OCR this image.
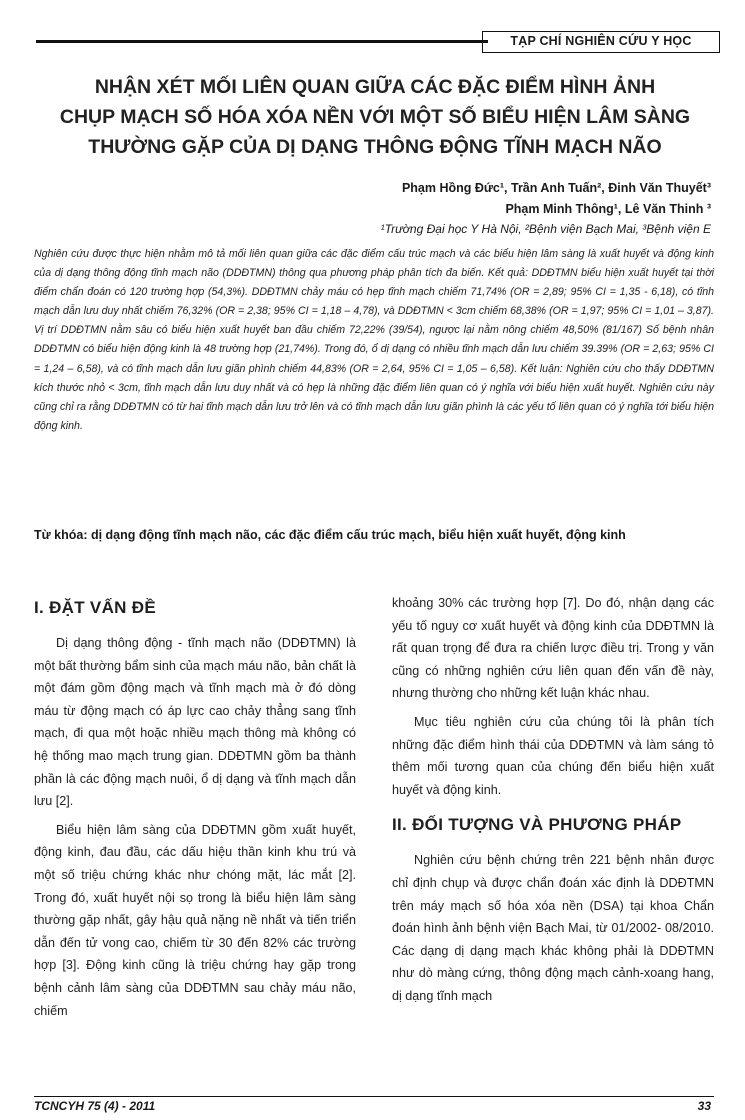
TẠP CHÍ NGHIÊN CỨU Y HỌC
NHẬN XÉT MỐI LIÊN QUAN GIỮA CÁC ĐẶC ĐIỂM HÌNH ẢNH
CHỤP MẠCH SỐ HÓA XÓA NỀN VỚI MỘT SỐ BIỂU HIỆN LÂM SÀNG
THƯỜNG GẶP CỦA DỊ DẠNG THÔNG ĐỘNG TĨNH MẠCH NÃO
Phạm Hồng Đức¹, Trần Anh Tuấn², Đinh Văn Thuyết³
Phạm Minh Thông¹, Lê Văn Thinh ³
¹Trường Đại học Y Hà Nội, ²Bệnh viện Bạch Mai, ³Bệnh viện E
Nghiên cứu được thực hiện nhằm mô tả mối liên quan giữa các đặc điểm cấu trúc mạch và các biểu hiện lâm sàng là xuất huyết và động kinh của dị dạng thông động tĩnh mạch não (DDĐTMN) thông qua phương pháp phân tích đa biến. Kết quả: DDĐTMN biểu hiện xuất huyết tại thời điểm chẩn đoán có 120 trường hợp (54,3%). DDĐTMN chảy máu có hẹp tĩnh mạch chiếm 71,74% (OR = 2,89; 95% CI = 1,35 - 6,18), có tĩnh mạch dẫn lưu duy nhất chiếm 76,32% (OR = 2,38; 95% CI = 1,18 – 4,78), và DDĐTMN < 3cm chiếm 68,38% (OR = 1,97; 95% CI = 1,01 – 3,87). Vị trí DDĐTMN nằm sâu có biểu hiện xuất huyết ban đầu chiếm 72,22% (39/54), ngược lại nằm nông chiếm 48,50% (81/167) Số bệnh nhân DDĐTMN có biểu hiện động kinh là 48 trường hợp (21,74%). Trong đó, ổ dị dạng có nhiều tĩnh mạch dẫn lưu chiếm 39.39% (OR = 2,63; 95% CI = 1,24 – 6,58), và có tĩnh mạch dẫn lưu giãn phình chiếm 44,83% (OR = 2,64, 95% CI = 1,05 – 6,58). Kết luận: Nghiên cứu cho thấy DDĐTMN kích thước nhỏ < 3cm, tĩnh mạch dẫn lưu duy nhất và có hẹp là những đặc điểm liên quan có ý nghĩa với biểu hiện xuất huyết. Nghiên cứu này cũng chỉ ra rằng DDĐTMN có từ hai tĩnh mạch dẫn lưu trở lên và có tĩnh mạch dẫn lưu giãn phình là các yếu tố liên quan có ý nghĩa tới biểu hiện động kinh.
Từ khóa: dị dạng động tĩnh mạch não, các đặc điểm cấu trúc mạch, biểu hiện xuất huyết, động kinh
I. ĐẶT VẤN ĐỀ

Dị dạng thông động - tĩnh mạch não (DDĐTMN) là một bất thường bẩm sinh của mạch máu não, bản chất là một đám gồm động mạch và tĩnh mạch mà ở đó dòng máu từ động mạch có áp lực cao chảy thẳng sang tĩnh mạch, đi qua một hoặc nhiều mạch thông mà không có hệ thống mao mạch trung gian. DDĐTMN gồm ba thành phần là các động mạch nuôi, ổ dị dạng và tĩnh mạch dẫn lưu [2].

Biểu hiện lâm sàng của DDĐTMN gồm xuất huyết, động kinh, đau đầu, các dấu hiệu thần kinh khu trú và một số triệu chứng khác như chóng mặt, lác mắt [2]. Trong đó, xuất huyết nội sọ trong là biểu hiện lâm sàng thường gặp nhất, gây hậu quả nặng nề nhất và tiến triển dẫn đến tử vong cao, chiếm từ 30 đến 82% các trường hợp [3]. Động kinh cũng là triệu chứng hay gặp trong bệnh cảnh lâm sàng của DDĐTMN sau chảy máu não, chiếm

khoảng 30% các trường hợp [7]. Do đó, nhận dạng các yếu tố nguy cơ xuất huyết và động kinh của DDĐTMN là rất quan trọng để đưa ra chiến lược điều trị. Trong y văn cũng có những nghiên cứu liên quan đến vấn đề này, nhưng thường cho những kết luận khác nhau.

Mục tiêu nghiên cứu của chúng tôi là phân tích những đặc điểm hình thái của DDĐTMN và làm sáng tỏ thêm mối tương quan của chúng đến biểu hiện xuất huyết và động kinh.

II. ĐỐI TƯỢNG VÀ PHƯƠNG PHÁP

Nghiên cứu bệnh chứng trên 221 bệnh nhân được chỉ định chụp và được chẩn đoán xác định là DDĐTMN trên máy mạch số hóa xóa nền (DSA) tại khoa Chẩn đoán hình ảnh bệnh viện Bạch Mai, từ 01/2002- 08/2010. Các dạng dị dạng mạch khác không phải là DDĐTMN như dò màng cứng, thông động mạch cảnh-xoang hang, dị dạng tĩnh mạch

TCNCYH 75 (4) - 2011	33
